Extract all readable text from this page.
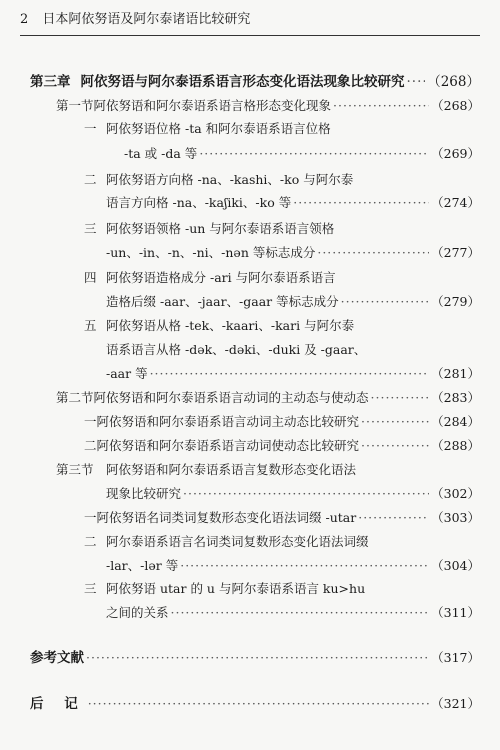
2 日本阿依努语及阿尔泰诸语比较研究
第三章 阿依努语与阿尔泰语系语言形态变化语法现象比较研究 ····· （268）
第一节 阿依努语和阿尔泰语系语言格形态变化现象 ·····	（268）
一 阿依努语位格 -ta 和阿尔泰语系语言位格
-ta 或 -da 等 ·····	（269）
二 阿依努语方向格 -na、-kashi、-ko 与阿尔泰
语言方向格 -na、-kaʃiki、-ko 等 ·····	（274）
三 阿依努语领格 -un 与阿尔泰语系语言领格
-un、-in、-n、-ni、-nən 等标志成分 ·····	（277）
四 阿依努语造格成分 -ari 与阿尔泰语系语言
造格后缀 -aar、-jaar、-gaar 等标志成分 ·····	（279）
五 阿依努语从格 -tek、-kaari、-kari 与阿尔泰
语系语言从格 -dək、-dəki、-duki 及 -gaar、
-aar 等 ·····	（281）
第二节 阿依努语和阿尔泰语系语言动词的主动态与使动态 ·····	（283）
一 阿依努语和阿尔泰语系语言动词主动态比较研究 ·····	（284）
二 阿依努语和阿尔泰语系语言动词使动态比较研究 ·····	（288）
第三节 阿依努语和阿尔泰语系语言复数形态变化语法
现象比较研究 ·····	（302）
一 阿依努语名词类词复数形态变化语法词缀 -utar ·····	（303）
二 阿尔泰语系语言名词类词复数形态变化语法词缀
-lar、-lər 等 ·····	（304）
三 阿依努语 utar 的 u 与阿尔泰语系语言 ku>hu
之间的关系 ·····	（311）
参考文献 ·····	（317）
后 记 ·····	（321）
